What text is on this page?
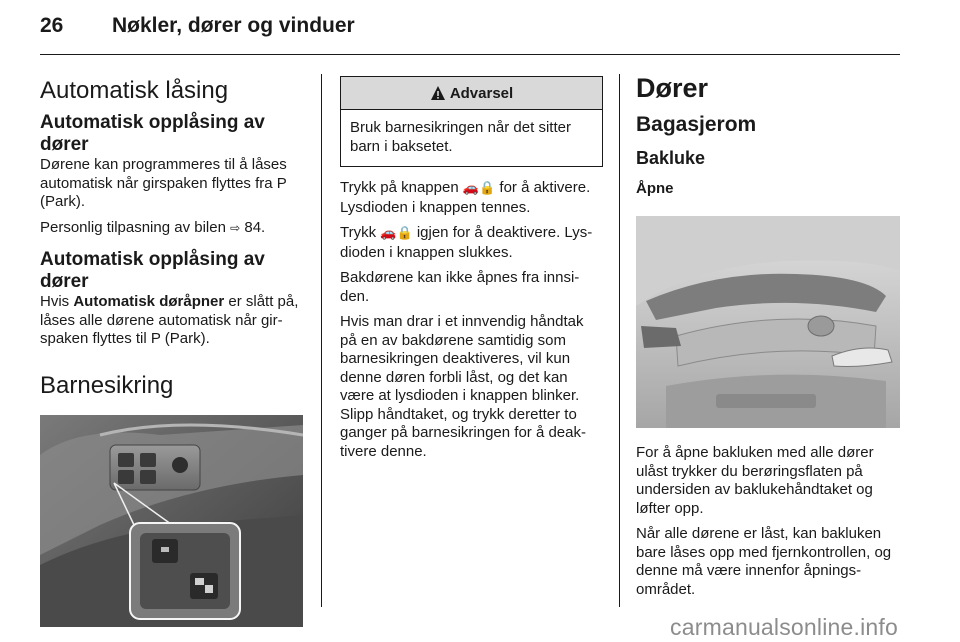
26 Nøkler, dører og vinduer
Automatisk låsing
Automatisk opplåsing av dører

Dørene kan programmeres til å låses automatisk når girspaken flyttes fra P (Park).

Personlig tilpasning av bilen ⇨ 84.

Automatisk opplåsing av dører

Hvis Automatisk døråpner er slått på, låses alle dørene automatisk når gir-spaken flyttes til P (Park).

Barnesikring
Advarsel
Bruk barnesikringen når det sitter barn i baksetet.

Trykk på knappen 🚗🔒 for å aktivere. Lysdioden i knappen tennes.

Trykk 🚗🔒 igjen for å deaktivere. Lys-dioden i knappen slukkes.

Bakdørene kan ikke åpnes fra innsi-den.

Hvis man drar i et innvendig håndtak på en av bakdørene samtidig som barnesikringen deaktiveres, vil kun denne døren forbli låst, og det kan være at lysdioden i knappen blinker. Slipp håndtaket, og trykk deretter to ganger på barnesikringen for å deak-tivere denne.

Dører
Bagasjerom
Bakluke
Åpne

For å åpne bakluken med alle dører ulåst trykker du berøringsflaten på undersiden av baklukehåndtaket og løfter opp.

Når alle dørene er låst, kan bakluken bare låses opp med fjernkontrollen, og denne må være innenfor åpnings-området.

carmanualsonline.info
